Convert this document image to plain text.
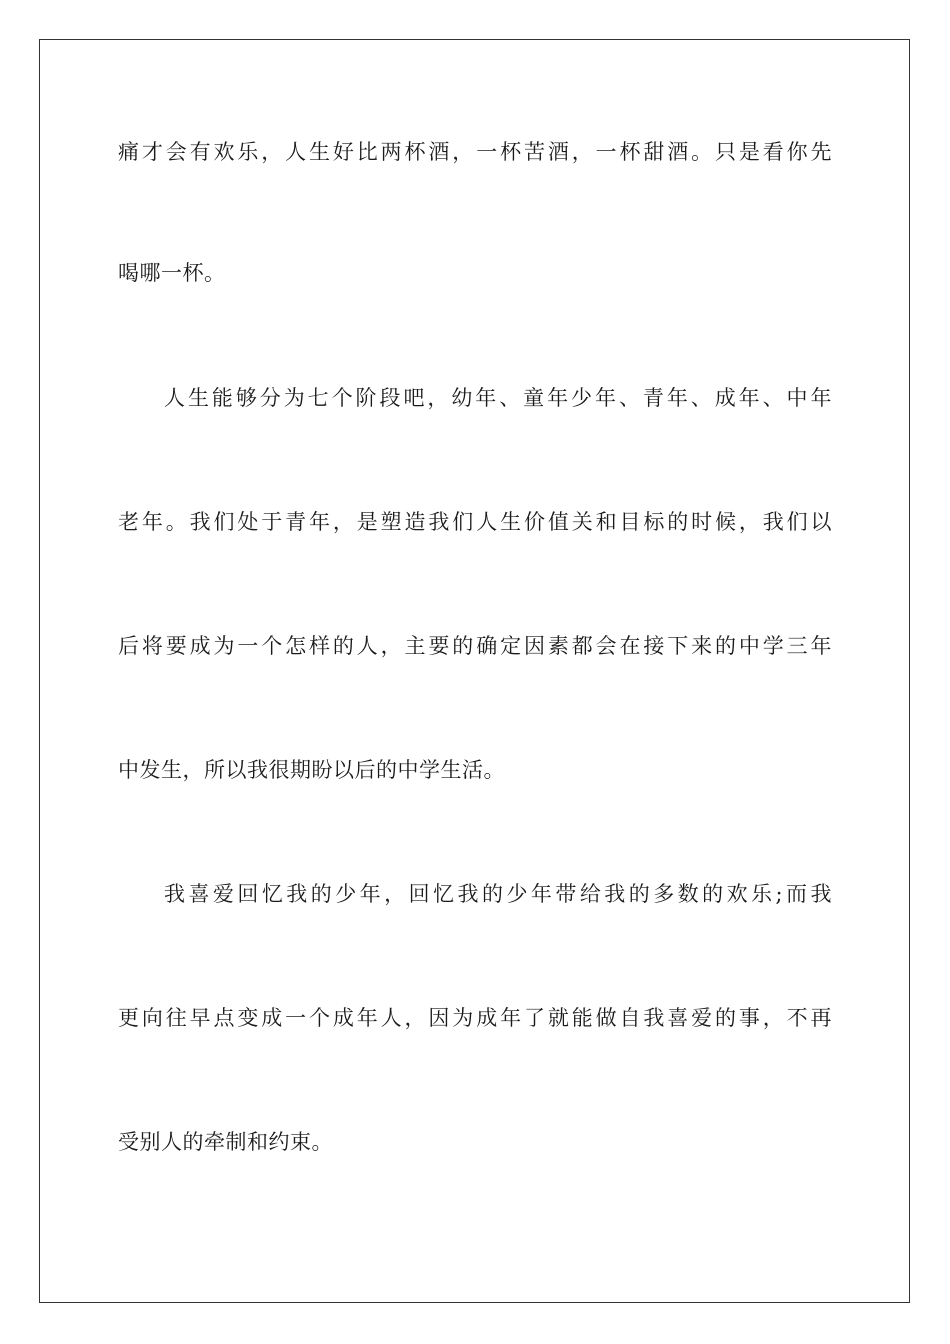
痛才会有欢乐，人生好比两杯酒，一杯苦酒，一杯甜酒。只是看你先
喝哪一杯。
人生能够分为七个阶段吧，幼年、童年少年、青年、成年、中年
老年。我们处于青年，是塑造我们人生价值关和目标的时候，我们以
后将要成为一个怎样的人，主要的确定因素都会在接下来的中学三年
中发生，所以我很期盼以后的中学生活。
我喜爱回忆我的少年，回忆我的少年带给我的多数的欢乐;而我
更向往早点变成一个成年人，因为成年了就能做自我喜爱的事，不再
受别人的牵制和约束。
